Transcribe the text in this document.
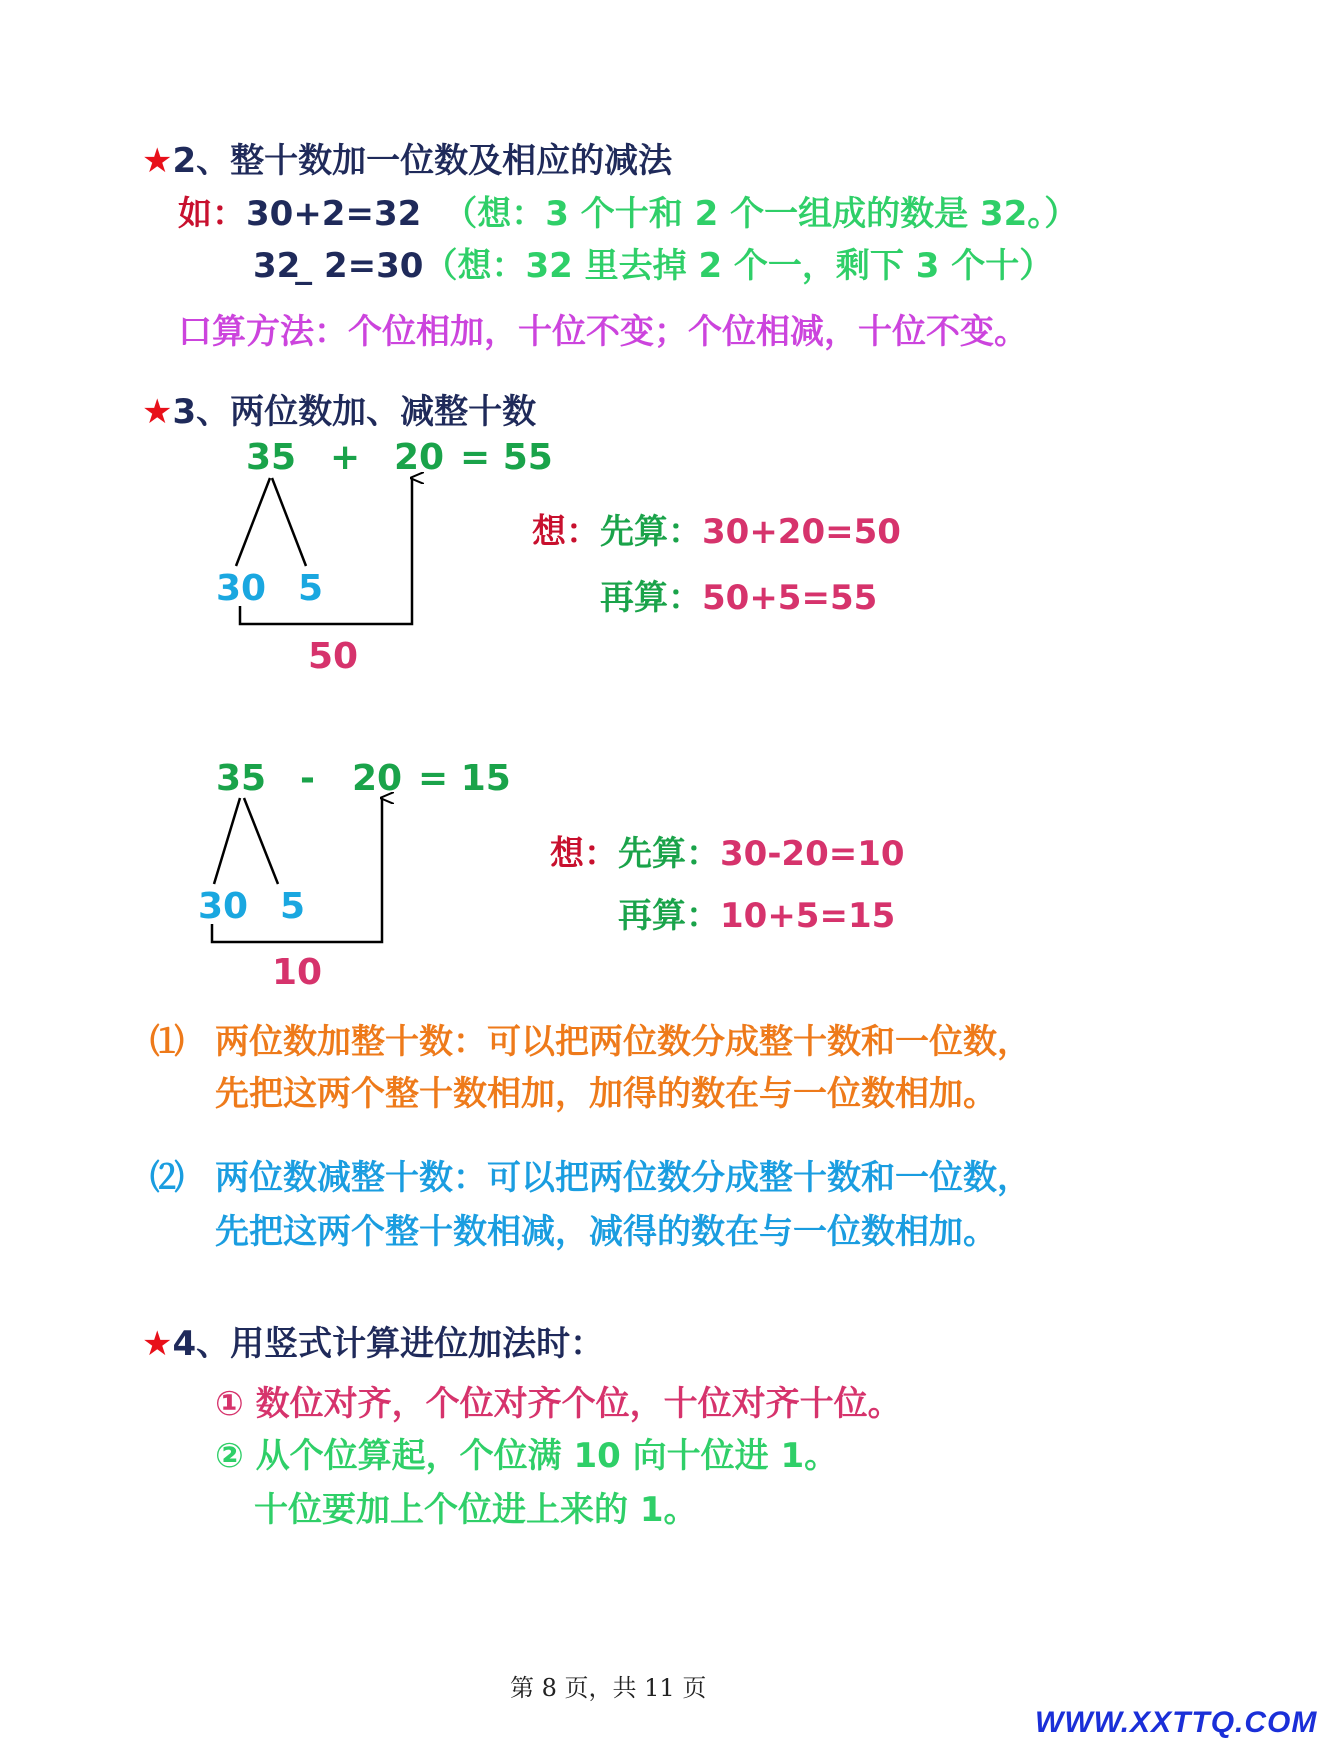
★2、整十数加一位数及相应的减法
如：30+2=32 （想：3 个十和 2 个一组成的数是 32。）
32 ̲ 2=30（想：32 里去掉 2 个一，剩下 3 个十）
口算方法：个位相加，十位不变；个位相减，十位不变。
★3、两位数加、减整十数
35 + 20 = 55
30 5
50
想：先算：30+20=50
再算：50+5=55
35 - 20 = 15
30 5
10
想：先算：30-20=10
再算：10+5=15
⑴ 两位数加整十数：可以把两位数分成整十数和一位数，
先把这两个整十数相加，加得的数在与一位数相加。
⑵ 两位数减整十数：可以把两位数分成整十数和一位数，
先把这两个整十数相减，减得的数在与一位数相加。
★4、用竖式计算进位加法时：
① 数位对齐，个位对齐个位，十位对齐十位。
② 从个位算起，个位满 10 向十位进 1。
十位要加上个位进上来的 1。
第 8 页，共 11 页
WWW.XXTTQ.COM
